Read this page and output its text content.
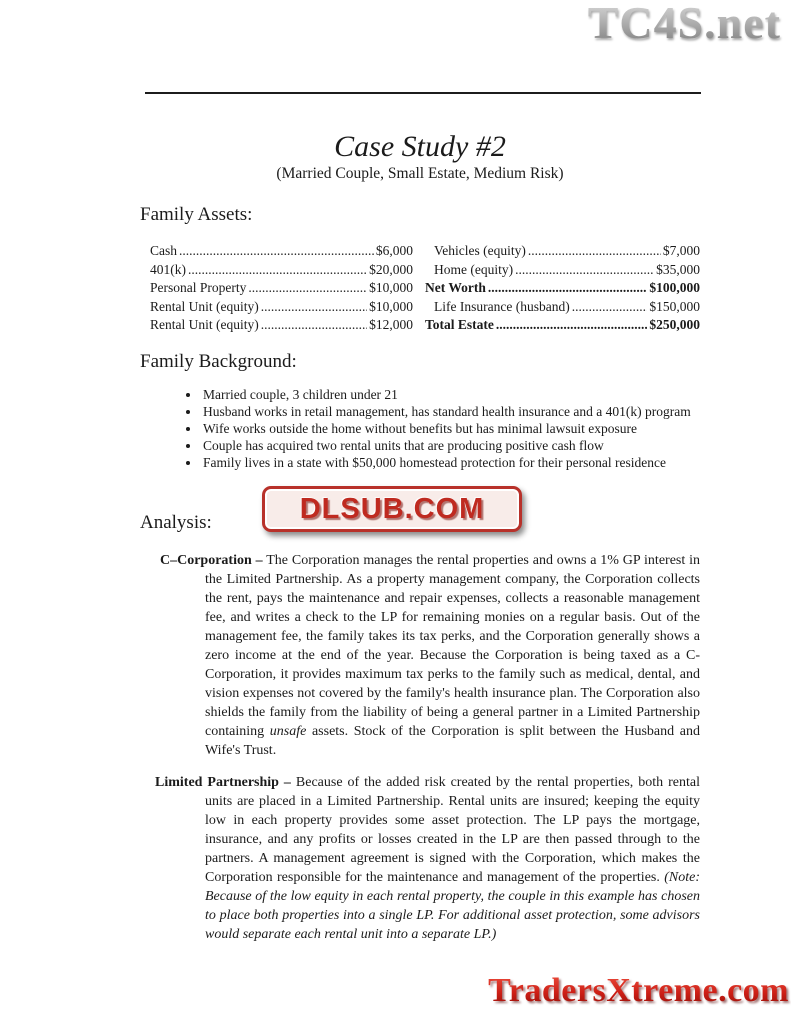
TC4S.net
Case Study #2
(Married Couple, Small Estate, Medium Risk)
Family Assets:
Cash .....	$6,000
401(k) .....	$20,000
Personal Property .....	$10,000
Rental Unit (equity) .....	$10,000
Rental Unit (equity) .....	$12,000
Vehicles (equity) .....	$7,000
Home (equity) .....	$35,000
Net Worth .....	$100,000
Life Insurance (husband) .....	$150,000
Total Estate .....	$250,000
Family Background:
• Married couple, 3 children under 21
• Husband works in retail management, has standard health insurance and a 401(k) program
• Wife works outside the home without benefits but has minimal lawsuit exposure
• Couple has acquired two rental units that are producing positive cash flow
• Family lives in a state with $50,000 homestead protection for their personal residence
Analysis:	DLSUB.COM
C–Corporation – The Corporation manages the rental properties and owns a 1% GP interest in the Limited Partnership. As a property management company, the Corporation collects the rent, pays the maintenance and repair expenses, collects a reasonable management fee, and writes a check to the LP for remaining monies on a regular basis. Out of the management fee, the family takes its tax perks, and the Corporation generally shows a zero income at the end of the year. Because the Corporation is being taxed as a C-Corporation, it provides maximum tax perks to the family such as medical, dental, and vision expenses not covered by the family's health insurance plan. The Corporation also shields the family from the liability of being a general partner in a Limited Partnership containing unsafe assets. Stock of the Corporation is split between the Husband and Wife's Trust.
Limited Partnership – Because of the added risk created by the rental properties, both rental units are placed in a Limited Partnership. Rental units are insured; keeping the equity low in each property provides some asset protection. The LP pays the mortgage, insurance, and any profits or losses created in the LP are then passed through to the partners. A management agreement is signed with the Corporation, which makes the Corporation responsible for the maintenance and management of the properties. (Note: Because of the low equity in each rental property, the couple in this example has chosen to place both properties into a single LP. For additional asset protection, some advisors would separate each rental unit into a separate LP.)
TradersXtreme.com
